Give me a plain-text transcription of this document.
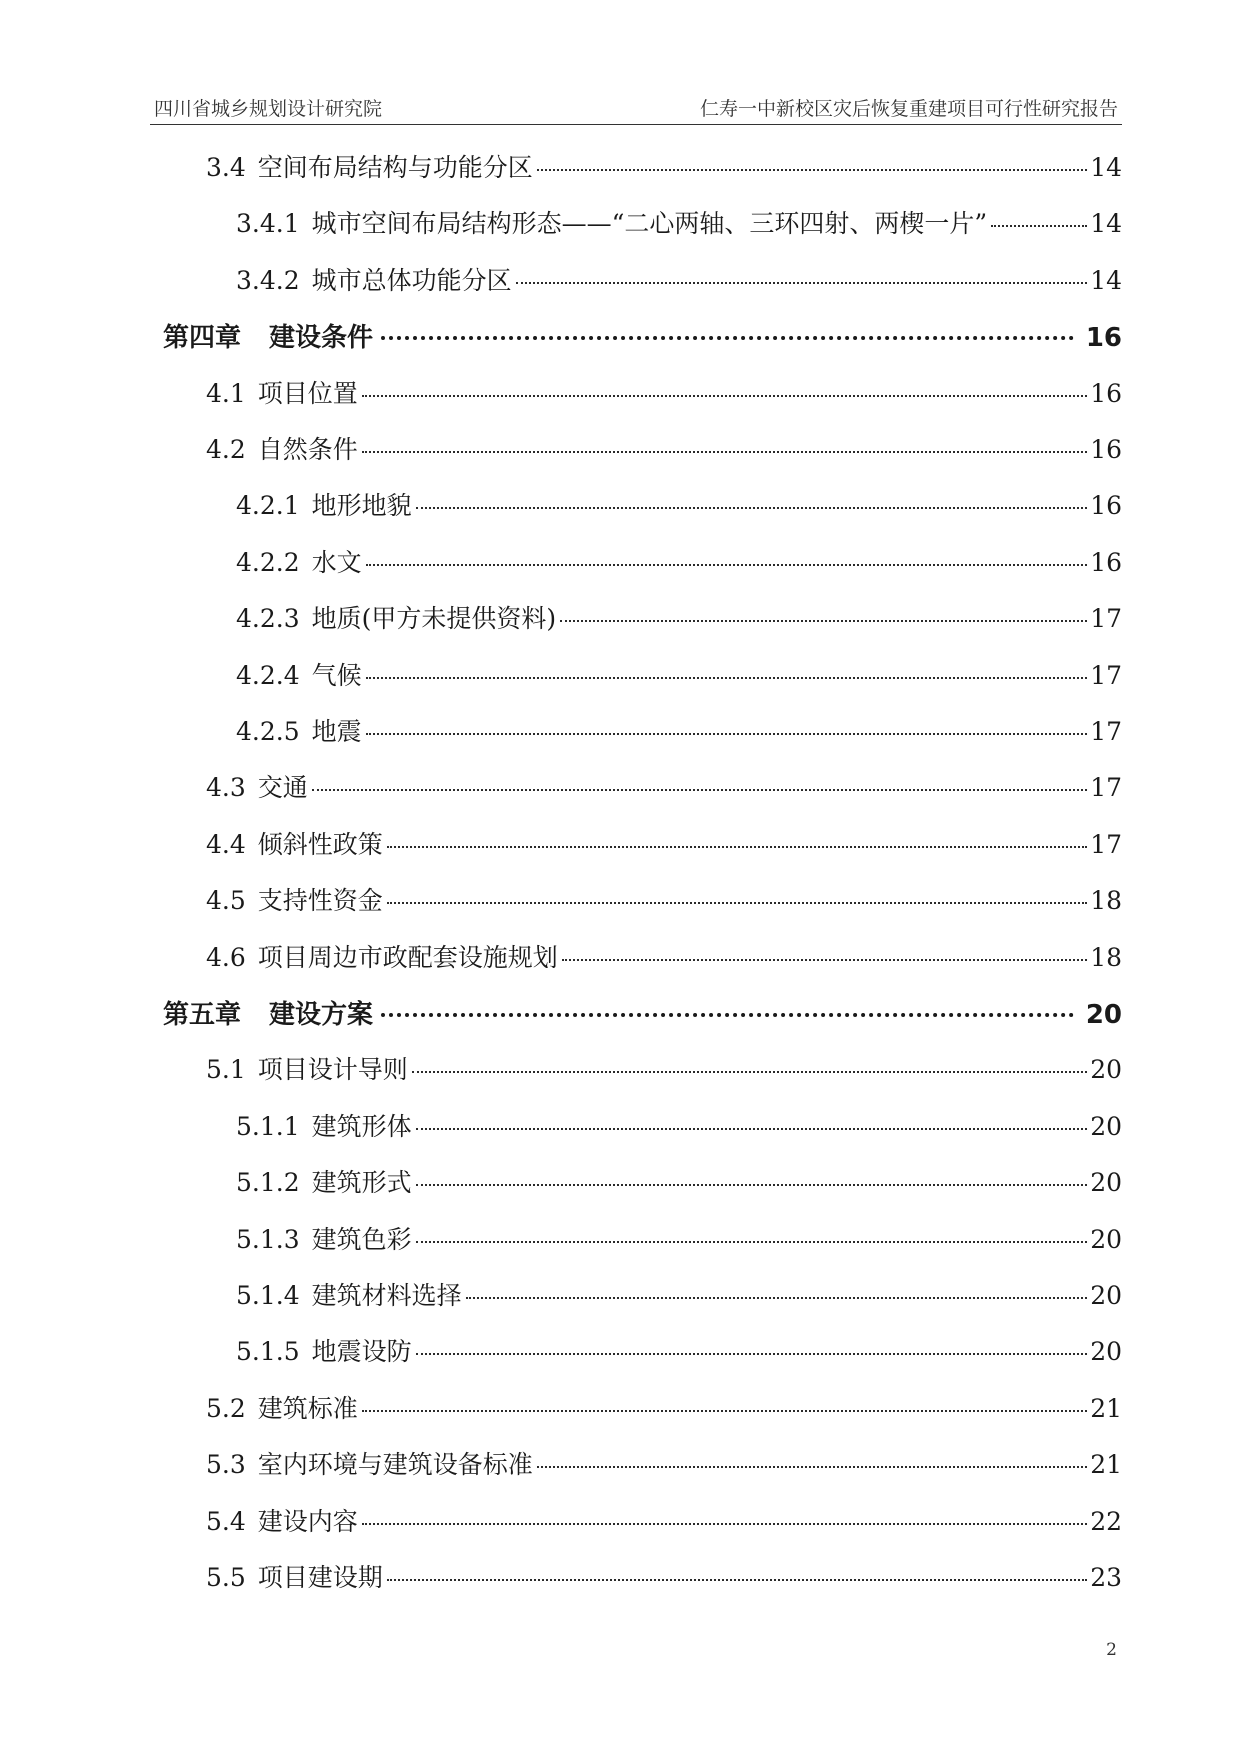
四川省城乡规划设计研究院	仁寿一中新校区灾后恢复重建项目可行性研究报告
3.4 空间布局结构与功能分区	14
3.4.1 城市空间布局结构形态——“二心两轴、三环四射、两楔一片”	14
3.4.2 城市总体功能分区	14
第四章 建设条件	16
4.1 项目位置	16
4.2 自然条件	16
4.2.1 地形地貌	16
4.2.2 水文	16
4.2.3 地质(甲方未提供资料)	17
4.2.4 气候	17
4.2.5 地震	17
4.3 交通	17
4.4 倾斜性政策	17
4.5 支持性资金	18
4.6 项目周边市政配套设施规划	18
第五章 建设方案	20
5.1 项目设计导则	20
5.1.1 建筑形体	20
5.1.2 建筑形式	20
5.1.3 建筑色彩	20
5.1.4 建筑材料选择	20
5.1.5 地震设防	20
5.2 建筑标准	21
5.3 室内环境与建筑设备标准	21
5.4 建设内容	22
5.5 项目建设期	23
2
